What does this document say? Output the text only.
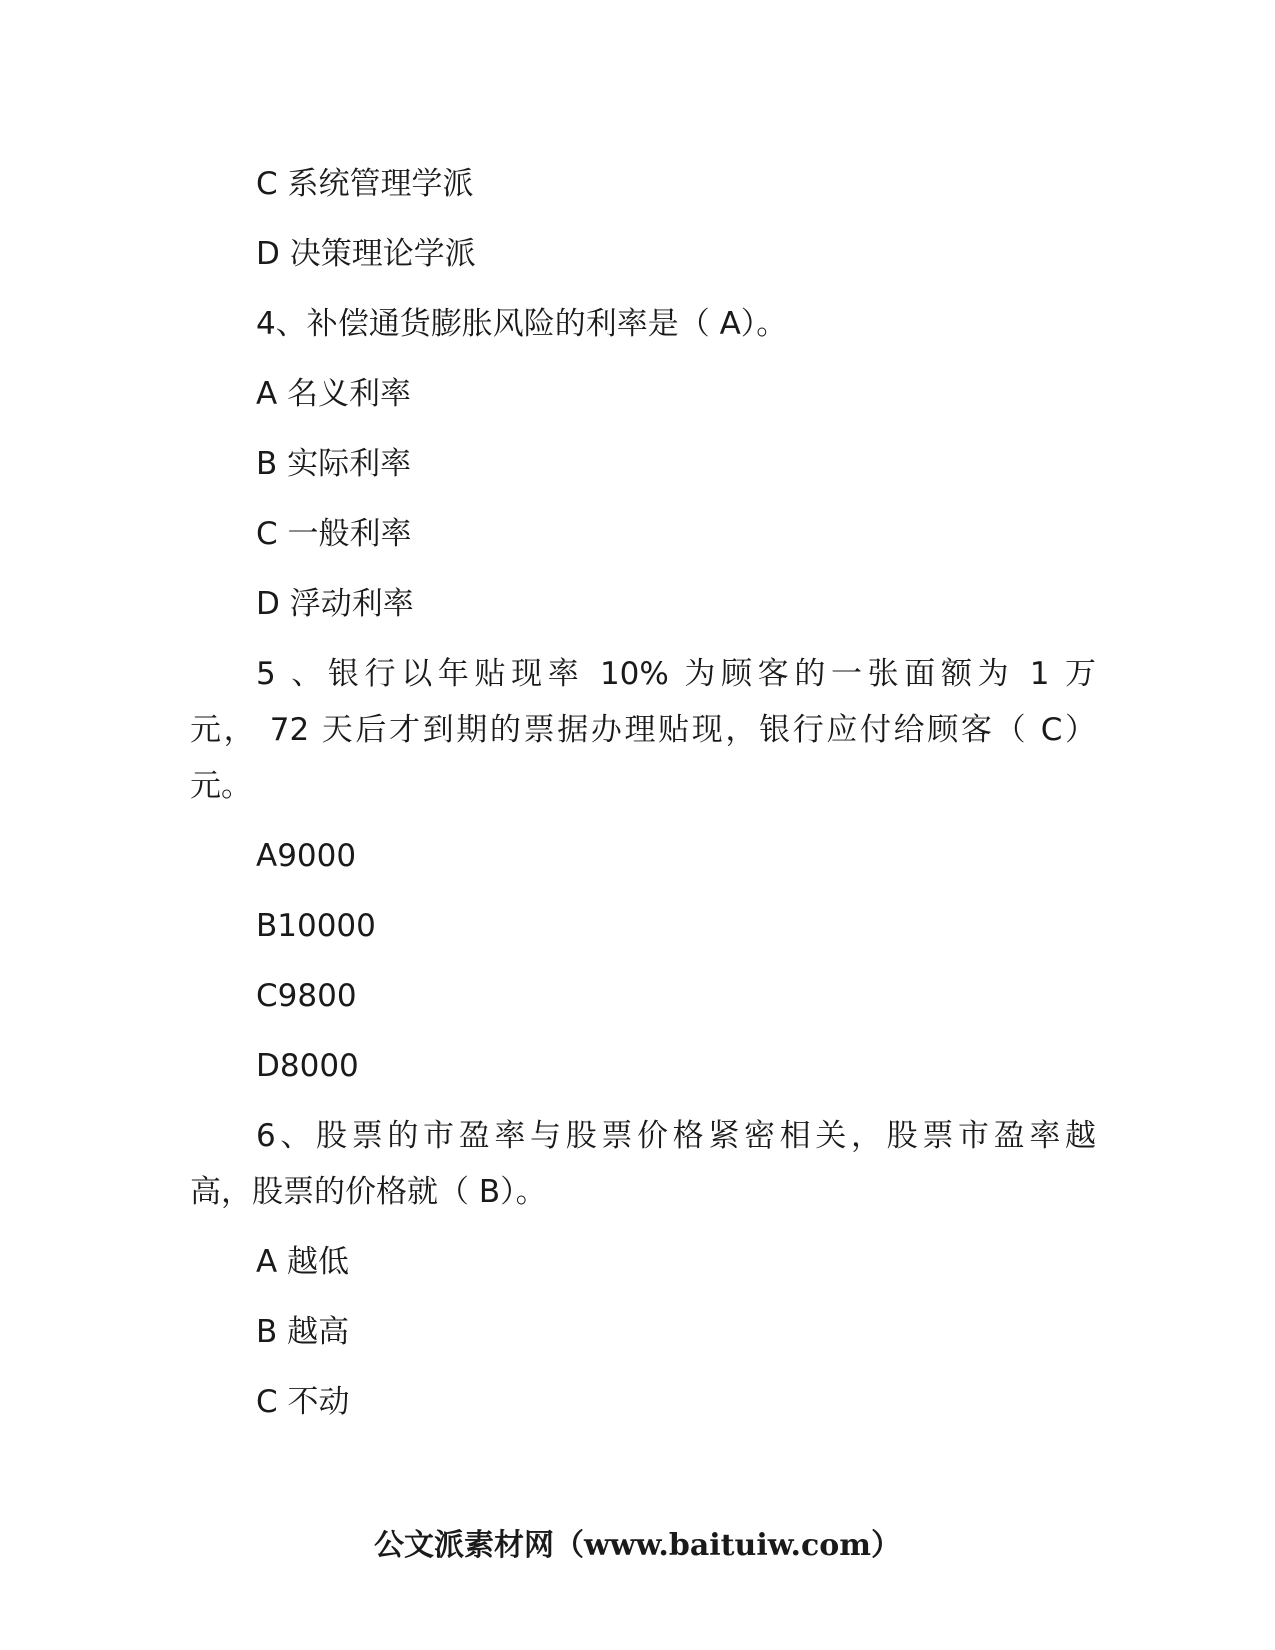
C 系统管理学派
D 决策理论学派
4、补偿通货膨胀风险的利率是（ A）。
A 名义利率
B 实际利率
C 一般利率
D 浮动利率
5 、银行以年贴现率 10% 为顾客的一张面额为 1 万
元， 72 天后才到期的票据办理贴现，银行应付给顾客（ C）
元。
A9000
B10000
C9800
D8000
6、股票的市盈率与股票价格紧密相关，股票市盈率越
高，股票的价格就（ B）。
A 越低
B 越高
C 不动
公文派素材网（www.baituiw.com）
